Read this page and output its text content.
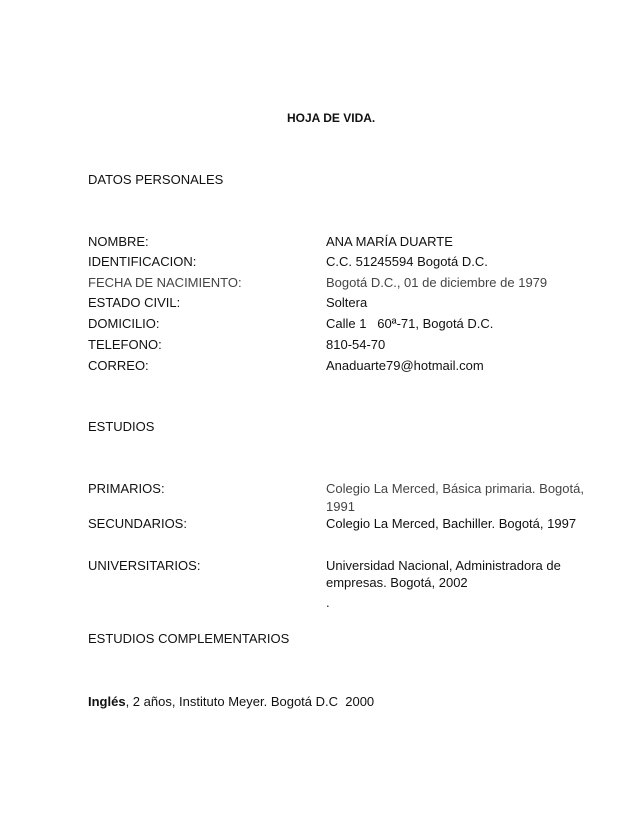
HOJA DE VIDA.
DATOS PERSONALES
NOMBRE:	ANA MARÍA DUARTE
IDENTIFICACION:	C.C. 51245594 Bogotá D.C.
FECHA DE NACIMIENTO:	Bogotá D.C., 01 de diciembre de 1979
ESTADO CIVIL:	Soltera
DOMICILIO:	Calle 1   60ª-71, Bogotá D.C.
TELEFONO:	810-54-70
CORREO:	Anaduarte79@hotmail.com
ESTUDIOS
PRIMARIOS:	Colegio La Merced, Básica primaria. Bogotá,
1991
SECUNDARIOS:	Colegio La Merced, Bachiller. Bogotá, 1997
UNIVERSITARIOS:	Universidad Nacional, Administradora de
empresas. Bogotá, 2002
.
ESTUDIOS COMPLEMENTARIOS
Inglés, 2 años, Instituto Meyer. Bogotá D.C  2000
